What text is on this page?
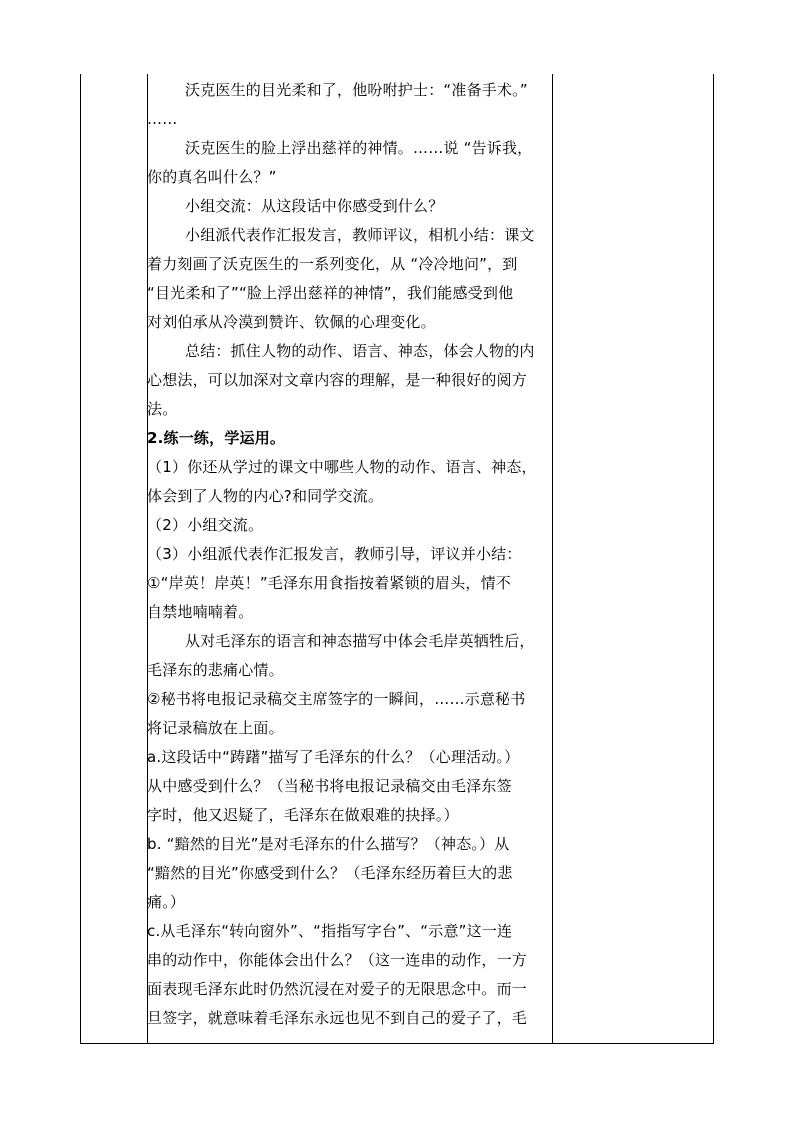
沃克医生的目光柔和了，他吩咐护士：“准备手术。”

……

沃克医生的脸上浮出慈祥的神情。……说 “告诉我，

你的真名叫什么？”

小组交流：从这段话中你感受到什么？

小组派代表作汇报发言，教师评议，相机小结：课文

着力刻画了沃克医生的一系列变化，从 “冷冷地问”，到

“目光柔和了”“脸上浮出慈祥的神情”，我们能感受到他

对刘伯承从冷漠到赞许、钦佩的心理变化。

总结：抓住人物的动作、语言、神态，体会人物的内

心想法，可以加深对文章内容的理解，是一种很好的阅方

法。

2.练一练，学运用。

（1）你还从学过的课文中哪些人物的动作、语言、神态，

体会到了人物的内心?和同学交流。

（2）小组交流。

（3）小组派代表作汇报发言，教师引导，评议并小结：

①“岸英！岸英！”毛泽东用食指按着紧锁的眉头，情不

自禁地喃喃着。

从对毛泽东的语言和神态描写中体会毛岸英牺牲后，

毛泽东的悲痛心情。

②秘书将电报记录稿交主席签字的一瞬间，……示意秘书

将记录稿放在上面。

a.这段话中“踌躇”描写了毛泽东的什么？（心理活动。）

从中感受到什么？（当秘书将电报记录稿交由毛泽东签

字时，他又迟疑了，毛泽东在做艰难的抉择。）

b. “黯然的目光”是对毛泽东的什么描写？（神态。）从

“黯然的目光”你感受到什么？（毛泽东经历着巨大的悲

痛。）

c.从毛泽东“转向窗外”、“指指写字台”、“示意”这一连

串的动作中，你能体会出什么？（这一连串的动作，一方

面表现毛泽东此时仍然沉浸在对爱子的无限思念中。而一

旦签字，就意味着毛泽东永远也见不到自己的爱子了，毛
